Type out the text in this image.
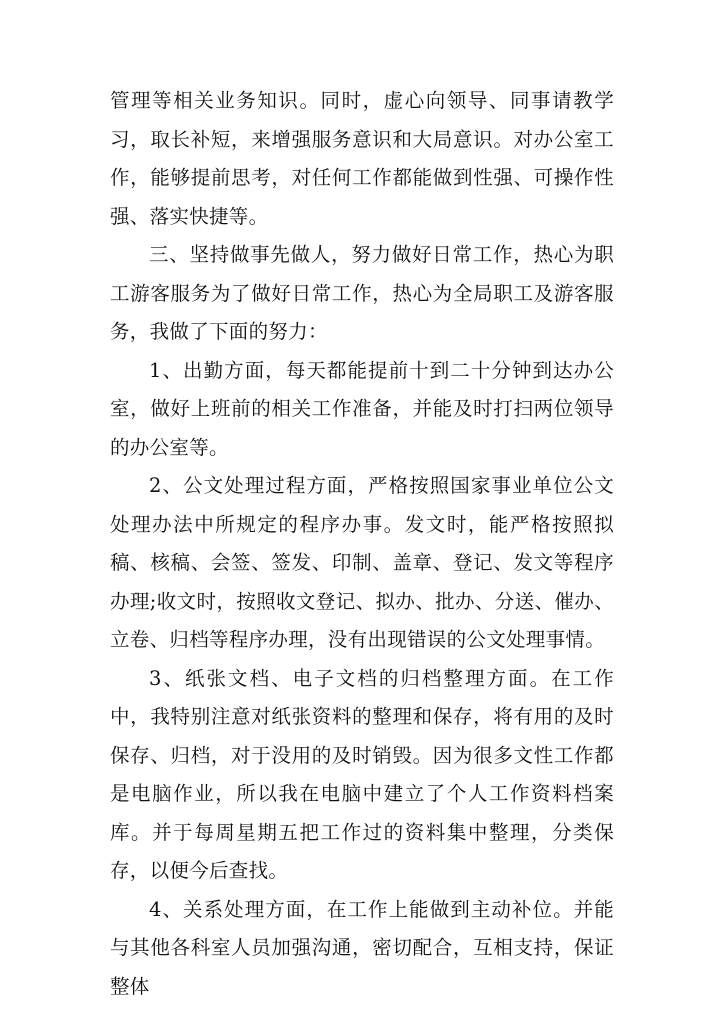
管理等相关业务知识。同时，虚心向领导、同事请教学习，取长补短，来增强服务意识和大局意识。对办公室工作，能够提前思考，对任何工作都能做到性强、可操作性强、落实快捷等。

三、坚持做事先做人，努力做好日常工作，热心为职工游客服务为了做好日常工作，热心为全局职工及游客服务，我做了下面的努力：

1、出勤方面，每天都能提前十到二十分钟到达办公室，做好上班前的相关工作准备，并能及时打扫两位领导的办公室等。

2、公文处理过程方面，严格按照国家事业单位公文处理办法中所规定的程序办事。发文时，能严格按照拟稿、核稿、会签、签发、印制、盖章、登记、发文等程序办理;收文时，按照收文登记、拟办、批办、分送、催办、立卷、归档等程序办理，没有出现错误的公文处理事情。

3、纸张文档、电子文档的归档整理方面。在工作中，我特别注意对纸张资料的整理和保存，将有用的及时保存、归档，对于没用的及时销毁。因为很多文性工作都是电脑作业，所以我在电脑中建立了个人工作资料档案库。并于每周星期五把工作过的资料集中整理，分类保存，以便今后查找。

4、关系处理方面，在工作上能做到主动补位。并能与其他各科室人员加强沟通，密切配合，互相支持，保证整体
